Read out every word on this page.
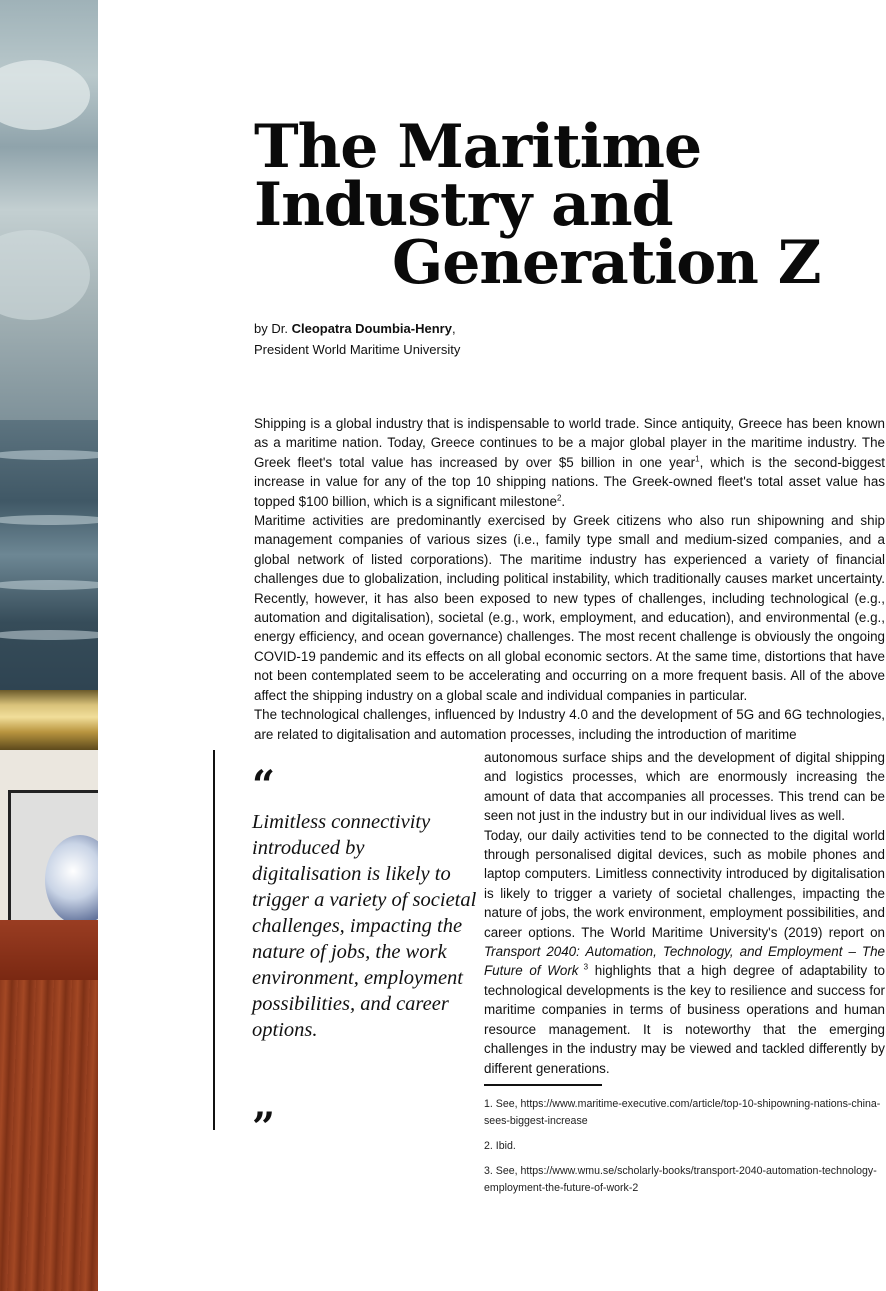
The Maritime
Industry and
Generation Z
by Dr. Cleopatra Doumbia-Henry,
President World Maritime University

Shipping is a global industry that is indispensable to world trade. Since antiquity, Greece has been known as a maritime nation. Today, Greece continues to be a major global player in the maritime industry. The Greek fleet's total value has increased by over $5 billion in one year$^1$, which is the second-biggest increase in value for any of the top 10 shipping nations. The Greek-owned fleet's total asset value has topped $100 billion, which is a significant milestone$^2$.

Maritime activities are predominantly exercised by Greek citizens who also run shipowning and ship management companies of various sizes (i.e., family type small and medium-sized companies, and a global network of listed corporations). The maritime industry has experienced a variety of financial challenges due to globalization, including political instability, which traditionally causes market uncertainty. Recently, however, it has also been exposed to new types of challenges, including technological (e.g., automation and digitalisation), societal (e.g., work, employment, and education), and environmental (e.g., energy efficiency, and ocean governance) challenges. The most recent challenge is obviously the ongoing COVID-19 pandemic and its effects on all global economic sectors. At the same time, distortions that have not been contemplated seem to be accelerating and occurring on a more frequent basis. All of the above affect the shipping industry on a global scale and individual companies in particular.

The technological challenges, influenced by Industry 4.0 and the development of 5G and 6G technologies, are related to digitalisation and automation processes, including the introduction of maritime

“
Limitless connectivity introduced by digitalisation is likely to trigger a variety of societal challenges, impacting the nature of jobs, the work environment, employment possibilities, and career options.
”

autonomous surface ships and the development of digital shipping and logistics processes, which are enormously increasing the amount of data that accompanies all processes. This trend can be seen not just in the industry but in our individual lives as well.

Today, our daily activities tend to be connected to the digital world through personalised digital devices, such as mobile phones and laptop computers. Limitless connectivity introduced by digitalisation is likely to trigger a variety of societal challenges, impacting the nature of jobs, the work environment, employment possibilities, and career options. The World Maritime University's (2019) report on Transport 2040: Automation, Technology, and Employment – The Future of Work $^3$ highlights that a high degree of adaptability to technological developments is the key to resilience and success for maritime companies in terms of business operations and human resource management. It is noteworthy that the emerging challenges in the industry may be viewed and tackled differently by different generations.

1. See, https://www.maritime-executive.com/article/top-10-shipowning-nations-china-sees-biggest-increase

2. Ibid.

3. See, https://www.wmu.se/scholarly-books/transport-2040-automation-technology-employment-the-future-of-work-2
